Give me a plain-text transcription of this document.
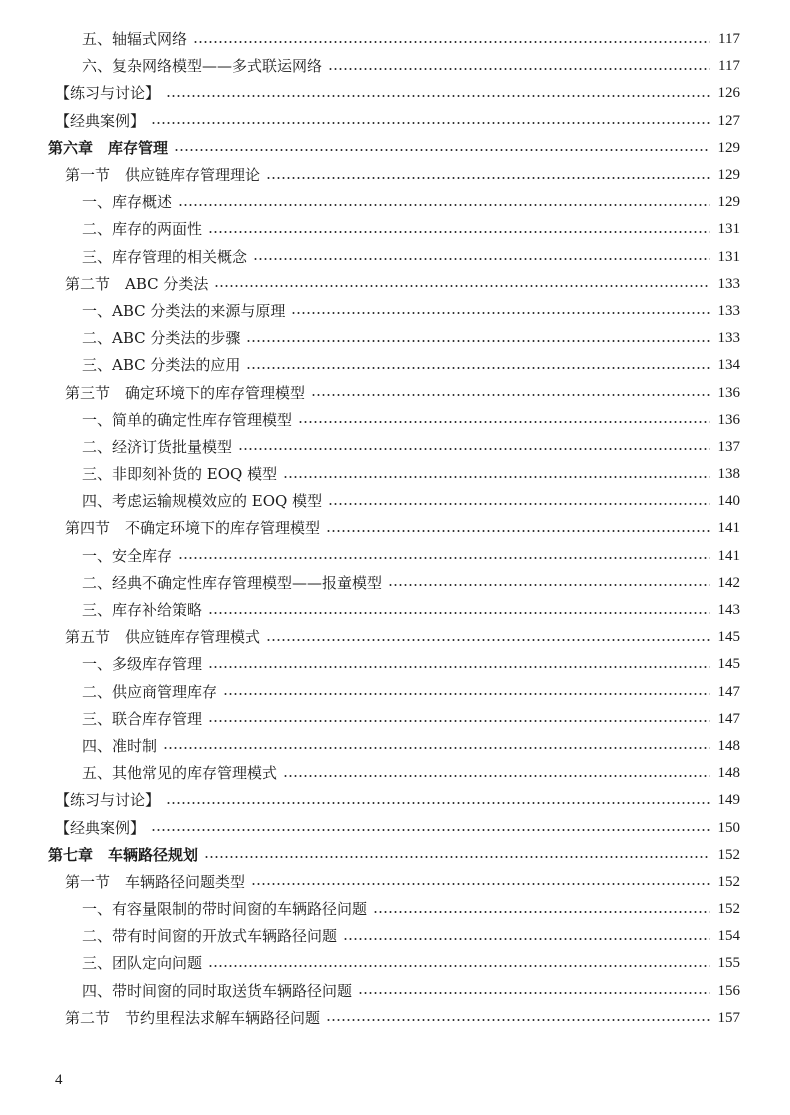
五、轴辐式网络	117
六、复杂网络模型——多式联运网络	117
【练习与讨论】	126
【经典案例】	127
第六章　库存管理	129
第一节　供应链库存管理理论	129
一、库存概述	129
二、库存的两面性	131
三、库存管理的相关概念	131
第二节　ABC 分类法	133
一、ABC 分类法的来源与原理	133
二、ABC 分类法的步骤	133
三、ABC 分类法的应用	134
第三节　确定环境下的库存管理模型	136
一、简单的确定性库存管理模型	136
二、经济订货批量模型	137
三、非即刻补货的 EOQ 模型	138
四、考虑运输规模效应的 EOQ 模型	140
第四节　不确定环境下的库存管理模型	141
一、安全库存	141
二、经典不确定性库存管理模型——报童模型	142
三、库存补给策略	143
第五节　供应链库存管理模式	145
一、多级库存管理	145
二、供应商管理库存	147
三、联合库存管理	147
四、准时制	148
五、其他常见的库存管理模式	148
【练习与讨论】	149
【经典案例】	150
第七章　车辆路径规划	152
第一节　车辆路径问题类型	152
一、有容量限制的带时间窗的车辆路径问题	152
二、带有时间窗的开放式车辆路径问题	154
三、团队定向问题	155
四、带时间窗的同时取送货车辆路径问题	156
第二节　节约里程法求解车辆路径问题	157
4
